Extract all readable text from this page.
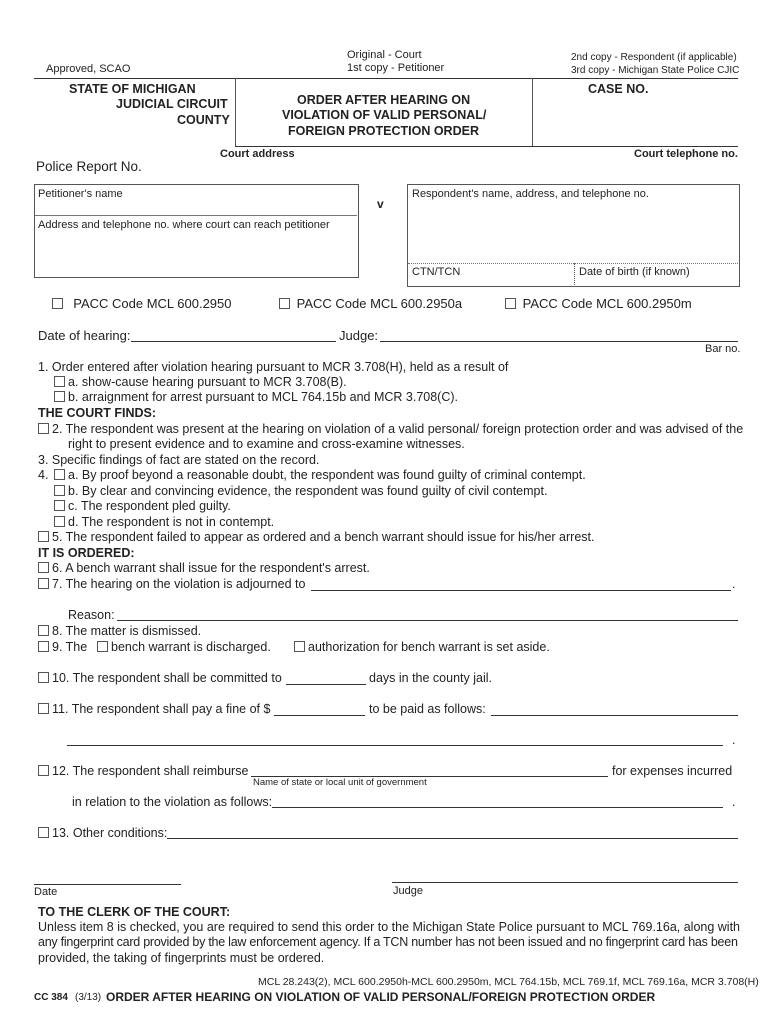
Approved, SCAO
Original - Court
1st copy - Petitioner
2nd copy - Respondent (if applicable)
3rd copy - Michigan State Police CJIC
STATE OF MICHIGAN
JUDICIAL CIRCUIT
COUNTY
ORDER AFTER HEARING ON
VIOLATION OF VALID PERSONAL/
FOREIGN PROTECTION ORDER
CASE NO.
Court address	Court telephone no.
Police Report No.
Petitioner's name
Address and telephone no. where court can reach petitioner
v
Respondent's name, address, and telephone no.
CTN/TCN	Date of birth (if known)
PACC Code MCL 600.2950	PACC Code MCL 600.2950a	PACC Code MCL 600.2950m
Date of hearing:	Judge:
Bar no.
1. Order entered after violation hearing pursuant to MCR 3.708(H), held as a result of
a. show-cause hearing pursuant to MCR 3.708(B).
b. arraignment for arrest pursuant to MCL 764.15b and MCR 3.708(C).
THE COURT FINDS:
2. The respondent was present at the hearing on violation of a valid personal/ foreign protection order and was advised of the
right to present evidence and to examine and cross-examine witnesses.
3. Specific findings of fact are stated on the record.
4.	a. By proof beyond a reasonable doubt, the respondent was found guilty of criminal contempt.
b. By clear and convincing evidence, the respondent was found guilty of civil contempt.
c. The respondent pled guilty.
d. The respondent is not in contempt.
5. The respondent failed to appear as ordered and a bench warrant should issue for his/her arrest.
IT IS ORDERED:
6. A bench warrant shall issue for the respondent's arrest.
7. The hearing on the violation is adjourned to	.
Reason:
8. The matter is dismissed.
9. The	bench warrant is discharged.	authorization for bench warrant is set aside.
10. The respondent shall be committed to	days in the county jail.
11. The respondent shall pay a fine of $	to be paid as follows:
.
12. The respondent shall reimburse	for expenses incurred
Name of state or local unit of government
in relation to the violation as follows:	.
13. Other conditions:
Date	Judge
TO THE CLERK OF THE COURT:
Unless item 8 is checked, you are required to send this order to the Michigan State Police pursuant to MCL 769.16a, along with
any fingerprint card provided by the law enforcement agency. If a TCN number has not been issued and no fingerprint card has been
provided, the taking of fingerprints must be ordered.
MCL 28.243(2), MCL 600.2950h-MCL 600.2950m, MCL 764.15b, MCL 769.1f, MCL 769.16a, MCR 3.708(H)
CC 384 (3/13) ORDER AFTER HEARING ON VIOLATION OF VALID PERSONAL/FOREIGN PROTECTION ORDER
